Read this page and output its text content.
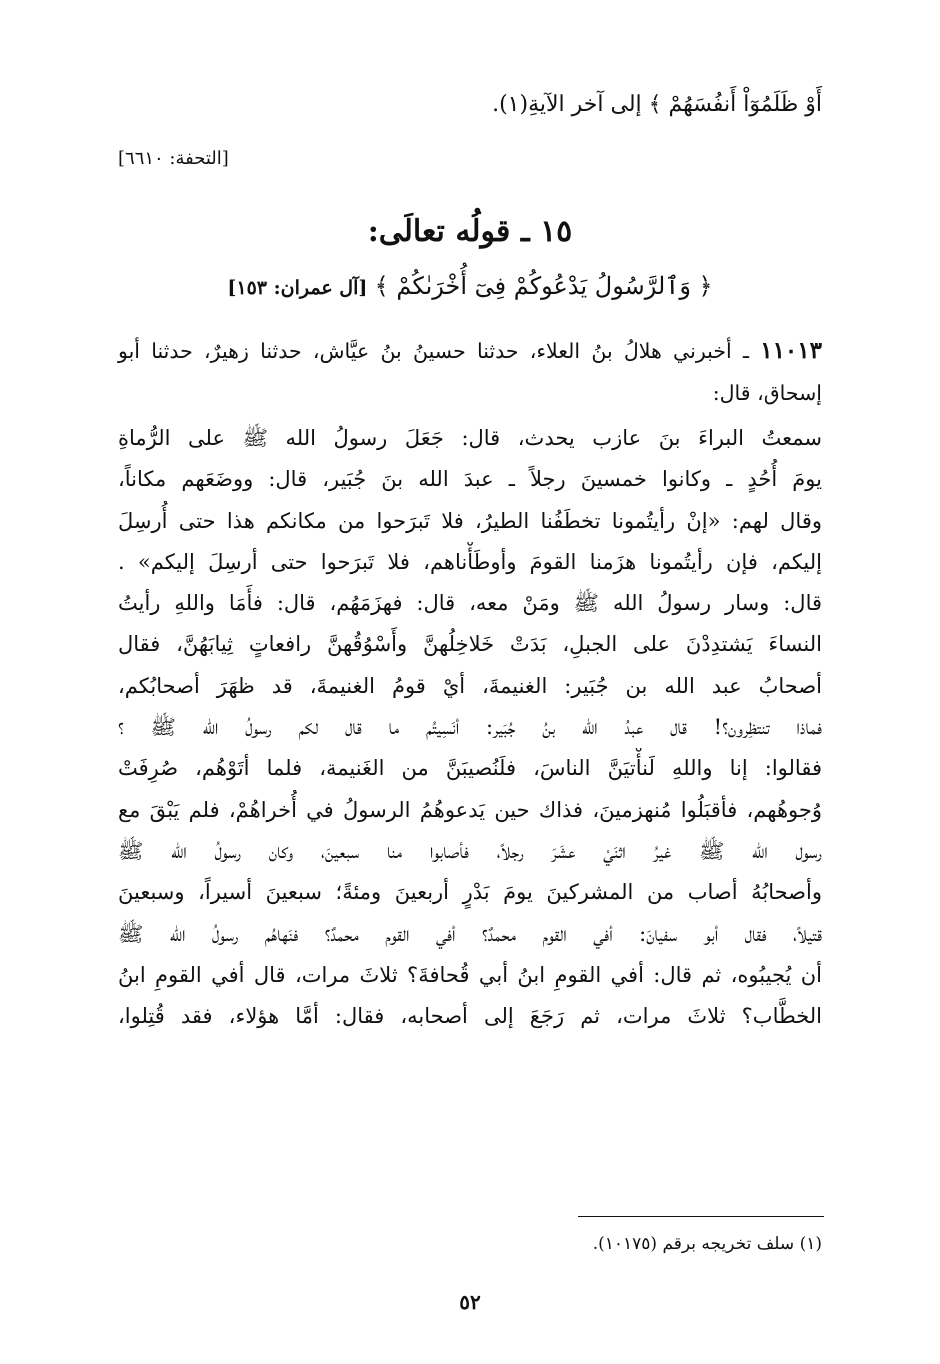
أَوْ ظَلَمُوٓاْ أَنفُسَهُمْ ﴾ إلى آخر الآيةِ(١).
[التحفة: ٦٦١٠]
١٥ ـ قولُه تعالَى:
﴿ وَٱلرَّسُولُ يَدْعُوكُمْ فِىٓ أُخْرَىٰكُمْ ﴾ [آل عمران: ١٥٣]
١١٠١٣ ـ أخبرني هلالُ بنُ العلاء، حدثنا حسينُ بنُ عيَّاش، حدثنا زهيرٌ، حدثنا أبو إسحاق، قال:
سمعتُ البراءَ بنَ عازب يحدث، قال: جَعَلَ رسولُ الله ﷺ على الرُّماةِ
يومَ أُحُدٍ ـ وكانوا خمسينَ رجلاً ـ عبدَ الله بنَ جُبَير، قال: ووضَعَهم مكاناً،
وقال لهم: «إنْ رأيتُمونا تخطَفُنا الطيرُ، فلا تَبرَحوا من مكانكم هذا حتى أُرسِلَ
إليكم، فإن رأيتُمونا هزَمنا القومَ وأوطَأْناهم، فلا تَبرَحوا حتى أرسِلَ إليكم» .
قال: وسار رسولُ الله ﷺ ومَنْ معه، قال: فهزَمَهُم، قال: فأَمَا واللهِ رأيتُ
النساءَ يَشتدِدْنَ على الجبلِ، بَدَتْ خَلاخِلُهنَّ وأَسْوُقُهنَّ رافعاتٍ ثِيابَهُنَّ، فقال
أصحابُ عبد الله بن جُبَير: الغنيمةَ، أيْ قومُ الغنيمةَ، قد ظهَرَ أصحابُكم،
فماذا تنتظِرون؟! قال عبدُ الله بنُ جُبَير: أنَسِيتُم ما قال لكم رسولُ الله ﷺ ؟
فقالوا: إنا واللهِ لَنأْتيَنَّ الناسَ، فلَنُصيبَنَّ من الغَنيمة، فلما أتَوْهُم، صُرِفَتْ
وُجوهُهم، فأقبَلُوا مُنهزمينَ، فذاك حين يَدعوهُمُ الرسولُ في أُخراهُمْ، فلم يَبْقَ مع
رسول الله ﷺ غيرُ اثنَيْ عشَرَ رجلاً، فأصابوا منا سبعينَ، وكان رسولُ الله ﷺ
وأصحابُهُ أصاب من المشركينَ يومَ بَدْرٍ أربعينَ ومئةً؛ سبعينَ أسيراً، وسبعينَ
قتيلاً، فقال أبو سفيانَ: أفي القوم محمدٌ؟ أفي القوم محمدٌ؟ فنَهاهُم رسولُ الله ﷺ
أن يُجيبُوه، ثم قال: أفي القومِ ابنُ أبي قُحافةَ؟ ثلاثَ مرات، قال أفي القومِ ابنُ
الخطَّاب؟ ثلاثَ مرات، ثم رَجَعَ إلى أصحابه، فقال: أمَّا هؤلاء، فقد قُتِلوا،
(١) سلف تخريجه برقم (١٠١٧٥).
٥٢
